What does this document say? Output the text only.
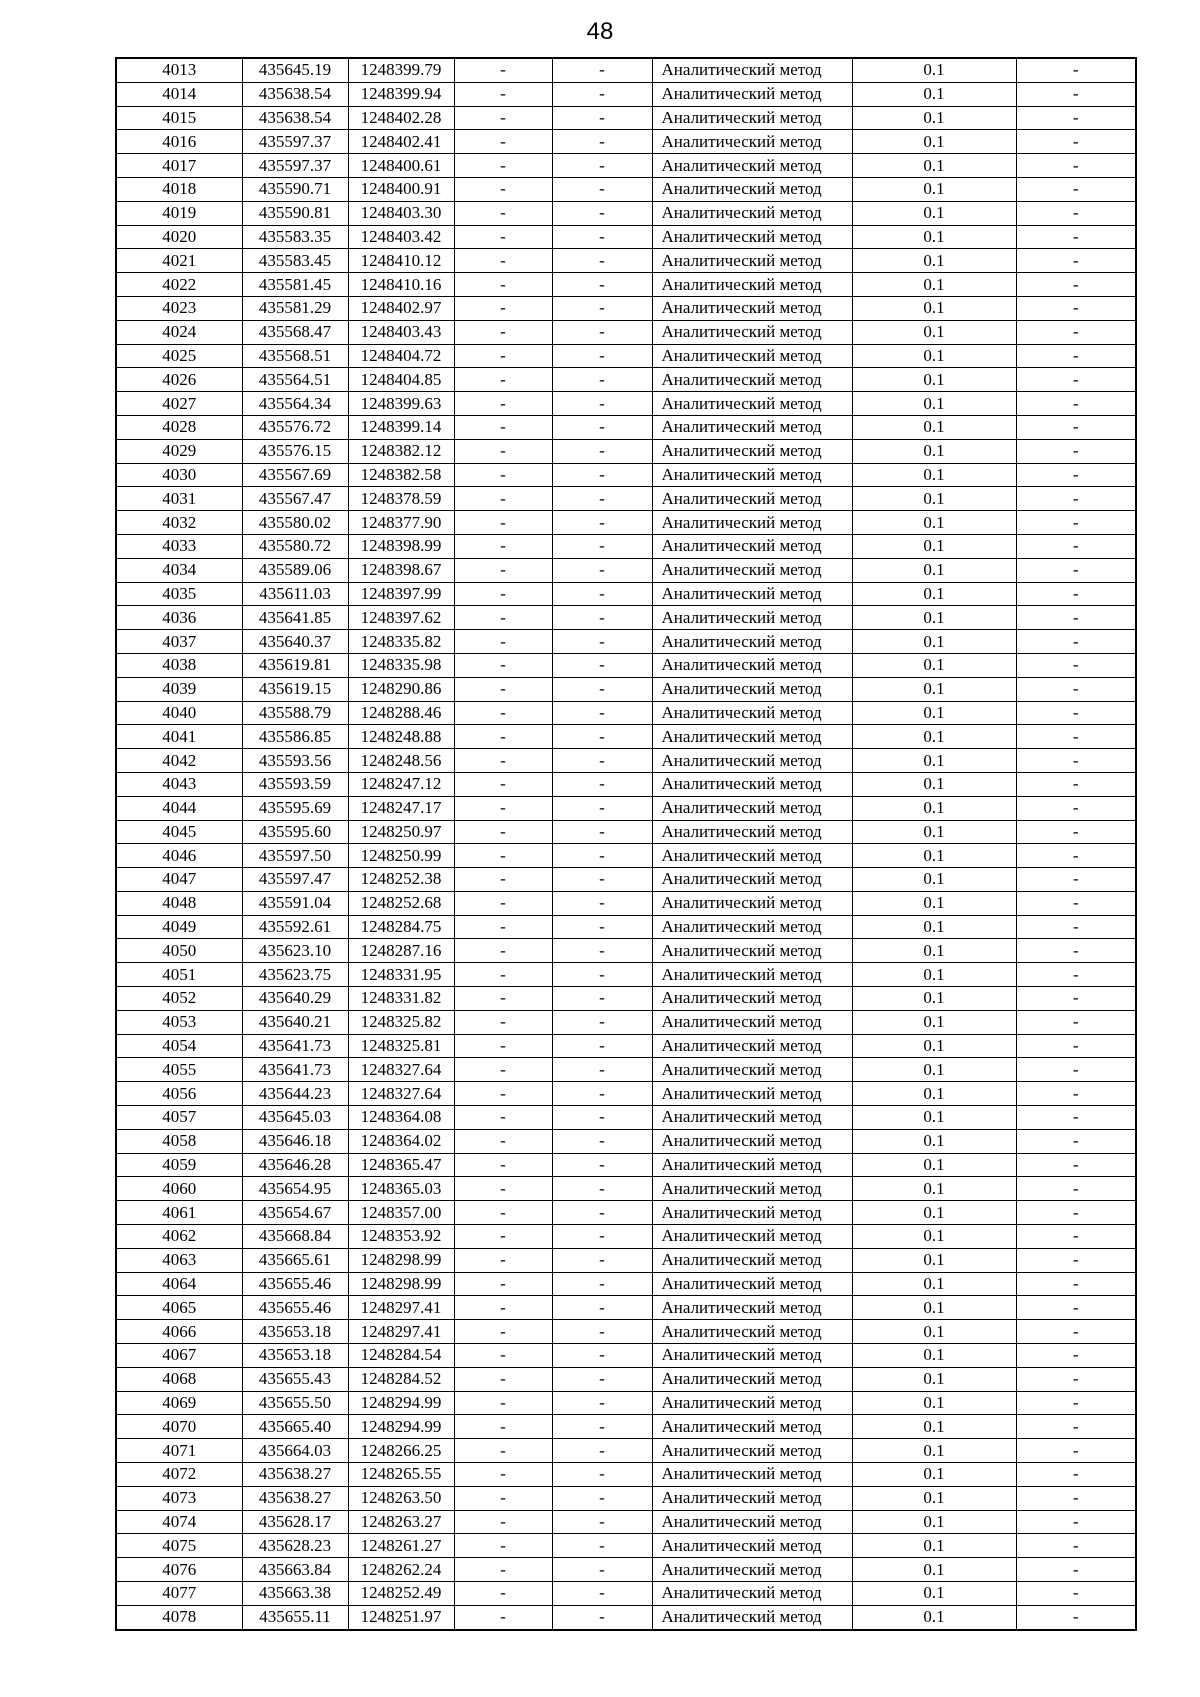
48
4013	435645.19	1248399.79	-	-	Аналитический метод	0.1	-
4014	435638.54	1248399.94	-	-	Аналитический метод	0.1	-
4015	435638.54	1248402.28	-	-	Аналитический метод	0.1	-
4016	435597.37	1248402.41	-	-	Аналитический метод	0.1	-
4017	435597.37	1248400.61	-	-	Аналитический метод	0.1	-
4018	435590.71	1248400.91	-	-	Аналитический метод	0.1	-
4019	435590.81	1248403.30	-	-	Аналитический метод	0.1	-
4020	435583.35	1248403.42	-	-	Аналитический метод	0.1	-
4021	435583.45	1248410.12	-	-	Аналитический метод	0.1	-
4022	435581.45	1248410.16	-	-	Аналитический метод	0.1	-
4023	435581.29	1248402.97	-	-	Аналитический метод	0.1	-
4024	435568.47	1248403.43	-	-	Аналитический метод	0.1	-
4025	435568.51	1248404.72	-	-	Аналитический метод	0.1	-
4026	435564.51	1248404.85	-	-	Аналитический метод	0.1	-
4027	435564.34	1248399.63	-	-	Аналитический метод	0.1	-
4028	435576.72	1248399.14	-	-	Аналитический метод	0.1	-
4029	435576.15	1248382.12	-	-	Аналитический метод	0.1	-
4030	435567.69	1248382.58	-	-	Аналитический метод	0.1	-
4031	435567.47	1248378.59	-	-	Аналитический метод	0.1	-
4032	435580.02	1248377.90	-	-	Аналитический метод	0.1	-
4033	435580.72	1248398.99	-	-	Аналитический метод	0.1	-
4034	435589.06	1248398.67	-	-	Аналитический метод	0.1	-
4035	435611.03	1248397.99	-	-	Аналитический метод	0.1	-
4036	435641.85	1248397.62	-	-	Аналитический метод	0.1	-
4037	435640.37	1248335.82	-	-	Аналитический метод	0.1	-
4038	435619.81	1248335.98	-	-	Аналитический метод	0.1	-
4039	435619.15	1248290.86	-	-	Аналитический метод	0.1	-
4040	435588.79	1248288.46	-	-	Аналитический метод	0.1	-
4041	435586.85	1248248.88	-	-	Аналитический метод	0.1	-
4042	435593.56	1248248.56	-	-	Аналитический метод	0.1	-
4043	435593.59	1248247.12	-	-	Аналитический метод	0.1	-
4044	435595.69	1248247.17	-	-	Аналитический метод	0.1	-
4045	435595.60	1248250.97	-	-	Аналитический метод	0.1	-
4046	435597.50	1248250.99	-	-	Аналитический метод	0.1	-
4047	435597.47	1248252.38	-	-	Аналитический метод	0.1	-
4048	435591.04	1248252.68	-	-	Аналитический метод	0.1	-
4049	435592.61	1248284.75	-	-	Аналитический метод	0.1	-
4050	435623.10	1248287.16	-	-	Аналитический метод	0.1	-
4051	435623.75	1248331.95	-	-	Аналитический метод	0.1	-
4052	435640.29	1248331.82	-	-	Аналитический метод	0.1	-
4053	435640.21	1248325.82	-	-	Аналитический метод	0.1	-
4054	435641.73	1248325.81	-	-	Аналитический метод	0.1	-
4055	435641.73	1248327.64	-	-	Аналитический метод	0.1	-
4056	435644.23	1248327.64	-	-	Аналитический метод	0.1	-
4057	435645.03	1248364.08	-	-	Аналитический метод	0.1	-
4058	435646.18	1248364.02	-	-	Аналитический метод	0.1	-
4059	435646.28	1248365.47	-	-	Аналитический метод	0.1	-
4060	435654.95	1248365.03	-	-	Аналитический метод	0.1	-
4061	435654.67	1248357.00	-	-	Аналитический метод	0.1	-
4062	435668.84	1248353.92	-	-	Аналитический метод	0.1	-
4063	435665.61	1248298.99	-	-	Аналитический метод	0.1	-
4064	435655.46	1248298.99	-	-	Аналитический метод	0.1	-
4065	435655.46	1248297.41	-	-	Аналитический метод	0.1	-
4066	435653.18	1248297.41	-	-	Аналитический метод	0.1	-
4067	435653.18	1248284.54	-	-	Аналитический метод	0.1	-
4068	435655.43	1248284.52	-	-	Аналитический метод	0.1	-
4069	435655.50	1248294.99	-	-	Аналитический метод	0.1	-
4070	435665.40	1248294.99	-	-	Аналитический метод	0.1	-
4071	435664.03	1248266.25	-	-	Аналитический метод	0.1	-
4072	435638.27	1248265.55	-	-	Аналитический метод	0.1	-
4073	435638.27	1248263.50	-	-	Аналитический метод	0.1	-
4074	435628.17	1248263.27	-	-	Аналитический метод	0.1	-
4075	435628.23	1248261.27	-	-	Аналитический метод	0.1	-
4076	435663.84	1248262.24	-	-	Аналитический метод	0.1	-
4077	435663.38	1248252.49	-	-	Аналитический метод	0.1	-
4078	435655.11	1248251.97	-	-	Аналитический метод	0.1	-
